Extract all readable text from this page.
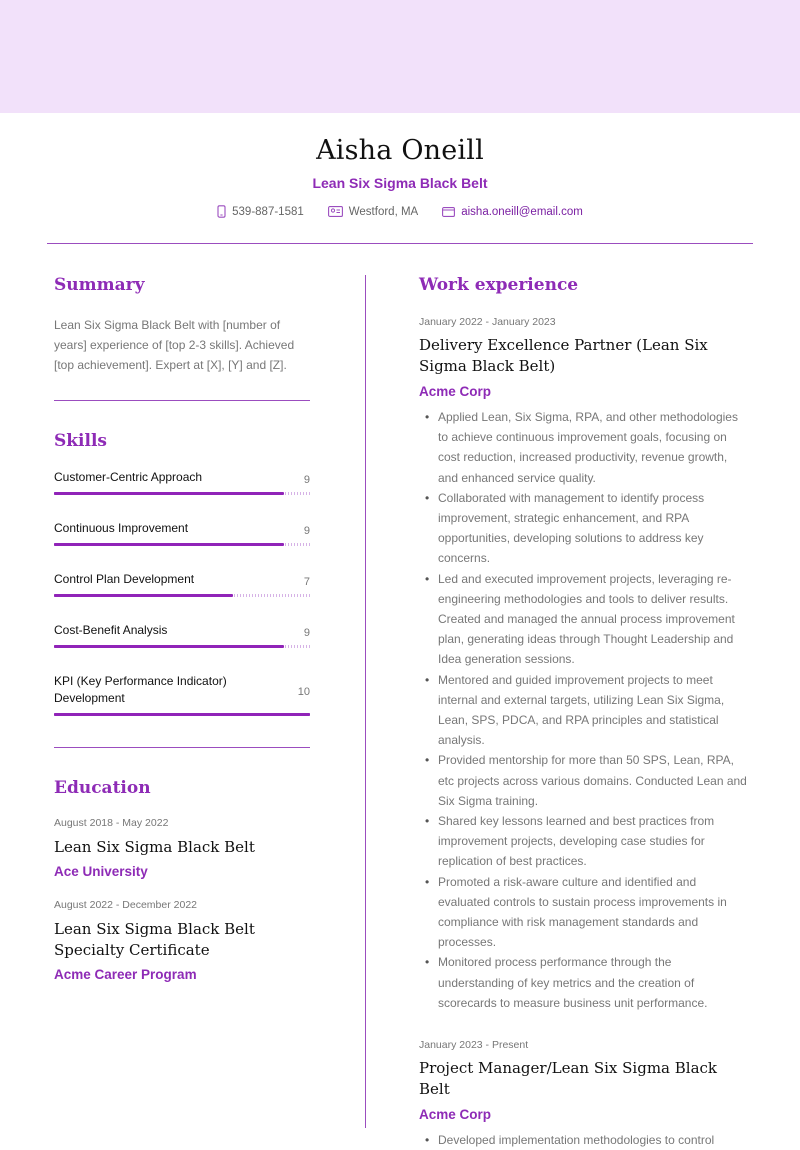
Aisha Oneill
Lean Six Sigma Black Belt
539-887-1581	Westford, MA	aisha.oneill@email.com
Summary
Lean Six Sigma Black Belt with [number of years] experience of [top 2-3 skills]. Achieved [top achievement]. Expert at [X], [Y] and [Z].
Skills
Customer-Centric Approach	9
Continuous Improvement	9
Control Plan Development	7
Cost-Benefit Analysis	9
KPI (Key Performance Indicator) Development	10
Education
August 2018 - May 2022
Lean Six Sigma Black Belt
Ace University
August 2022 - December 2022
Lean Six Sigma Black Belt Specialty Certificate
Acme Career Program
Work experience
January 2022 - January 2023
Delivery Excellence Partner (Lean Six Sigma Black Belt)
Acme Corp
• Applied Lean, Six Sigma, RPA, and other methodologies to achieve continuous improvement goals, focusing on cost reduction, increased productivity, revenue growth, and enhanced service quality.
• Collaborated with management to identify process improvement, strategic enhancement, and RPA opportunities, developing solutions to address key concerns.
• Led and executed improvement projects, leveraging re-engineering methodologies and tools to deliver results. Created and managed the annual process improvement plan, generating ideas through Thought Leadership and Idea generation sessions.
• Mentored and guided improvement projects to meet internal and external targets, utilizing Lean Six Sigma, Lean, SPS, PDCA, and RPA principles and statistical analysis.
• Provided mentorship for more than 50 SPS, Lean, RPA, etc projects across various domains. Conducted Lean and Six Sigma training.
• Shared key lessons learned and best practices from improvement projects, developing case studies for replication of best practices.
• Promoted a risk-aware culture and identified and evaluated controls to sustain process improvements in compliance with risk management standards and processes.
• Monitored process performance through the understanding of key metrics and the creation of scorecards to measure business unit performance.
January 2023 - Present
Project Manager/Lean Six Sigma Black Belt
Acme Corp
• Developed implementation methodologies to control
